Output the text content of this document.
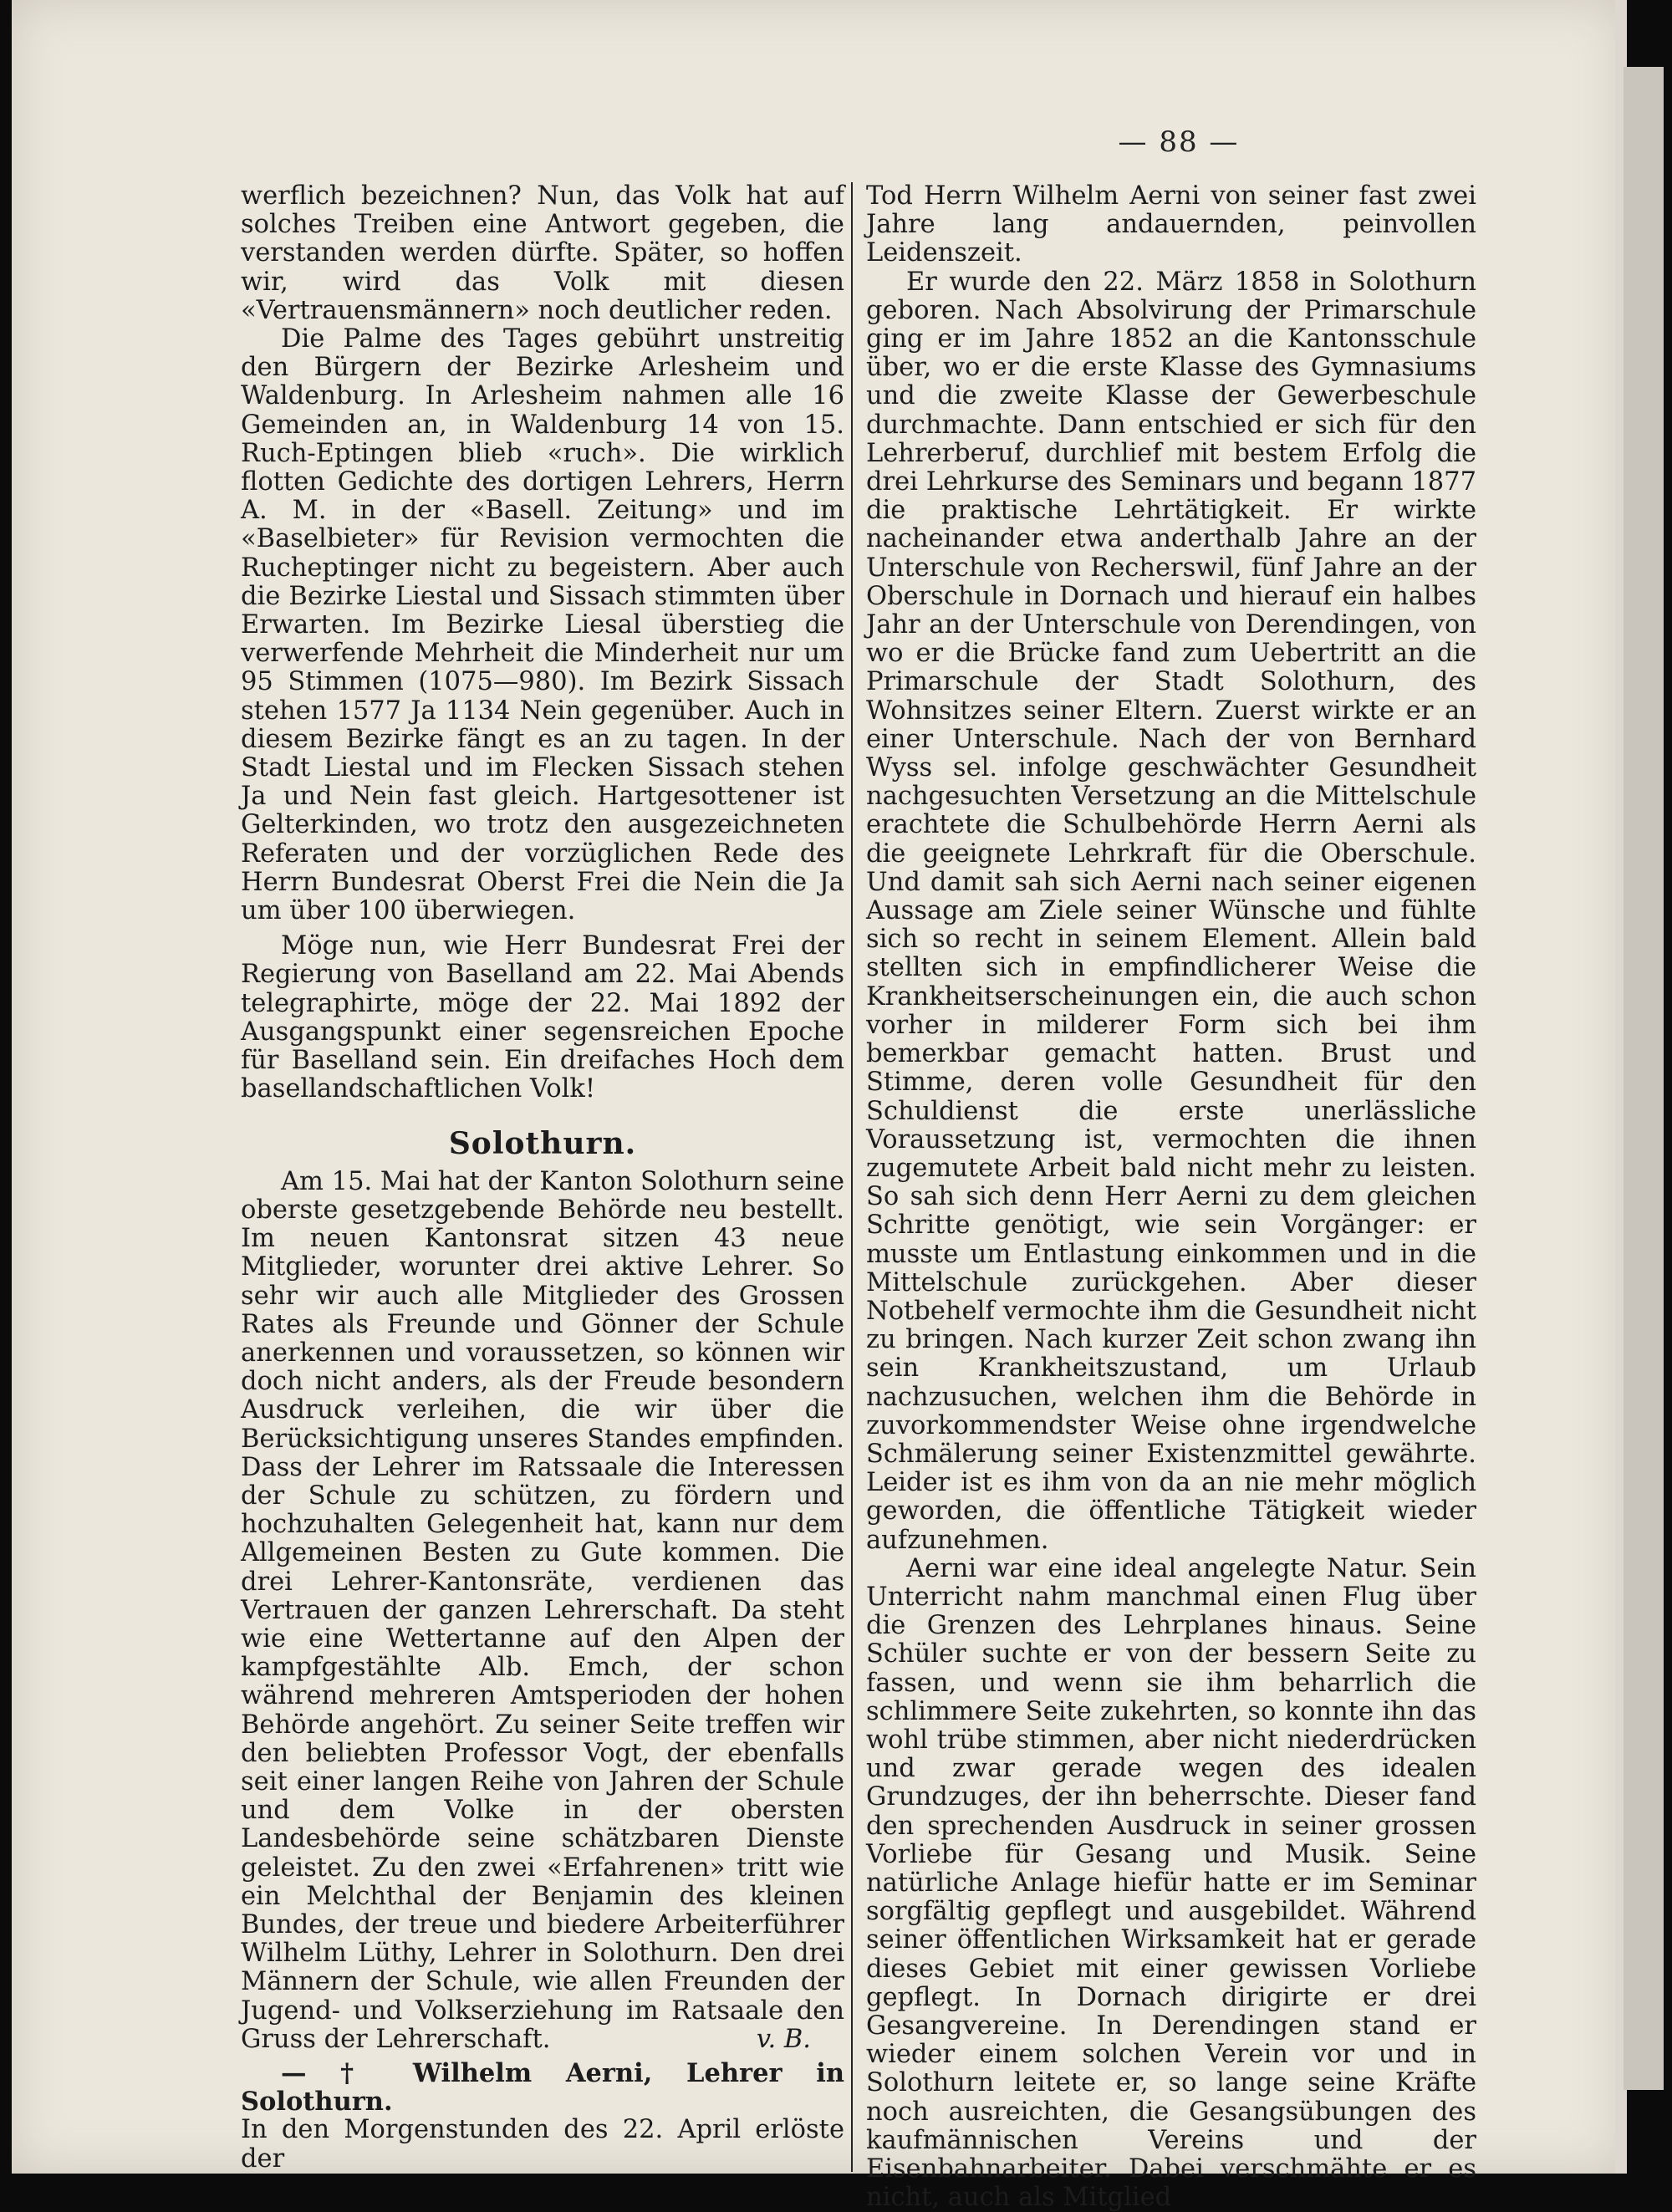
— 88 —

werflich bezeichnen? Nun, das Volk hat auf solches Treiben eine Antwort gegeben, die verstanden werden dürfte. Später, so hoffen wir, wird das Volk mit diesen «Vertrauensmännern» noch deutlicher reden.

Die Palme des Tages gebührt unstreitig den Bürgern der Bezirke Arlesheim und Waldenburg. In Arlesheim nahmen alle 16 Gemeinden an, in Waldenburg 14 von 15. Ruch-Eptingen blieb «ruch». Die wirklich flotten Gedichte des dortigen Lehrers, Herrn A. M. in der «Basell. Zeitung» und im «Baselbieter» für Revision vermochten die Rucheptinger nicht zu begeistern. Aber auch die Bezirke Liestal und Sissach stimmten über Erwarten. Im Bezirke Liesal überstieg die verwerfende Mehrheit die Minderheit nur um 95 Stimmen (1075—980). Im Bezirk Sissach stehen 1577 Ja 1134 Nein gegenüber. Auch in diesem Bezirke fängt es an zu tagen. In der Stadt Liestal und im Flecken Sissach stehen Ja und Nein fast gleich. Hartgesottener ist Gelterkinden, wo trotz den ausgezeichneten Referaten und der vorzüglichen Rede des Herrn Bundesrat Oberst Frei die Nein die Ja um über 100 überwiegen.

Möge nun, wie Herr Bundesrat Frei der Regierung von Baselland am 22. Mai Abends telegraphirte, möge der 22. Mai 1892 der Ausgangspunkt einer segensreichen Epoche für Baselland sein. Ein dreifaches Hoch dem basellandschaftlichen Volk!

Solothurn.

Am 15. Mai hat der Kanton Solothurn seine oberste gesetzgebende Behörde neu bestellt. Im neuen Kantonsrat sitzen 43 neue Mitglieder, worunter drei aktive Lehrer. So sehr wir auch alle Mitglieder des Grossen Rates als Freunde und Gönner der Schule anerkennen und voraussetzen, so können wir doch nicht anders, als der Freude besondern Ausdruck verleihen, die wir über die Berücksichtigung unseres Standes empfinden. Dass der Lehrer im Ratssaale die Interessen der Schule zu schützen, zu fördern und hochzuhalten Gelegenheit hat, kann nur dem Allgemeinen Besten zu Gute kommen. Die drei Lehrer-Kantonsräte, verdienen das Vertrauen der ganzen Lehrerschaft. Da steht wie eine Wettertanne auf den Alpen der kampfgestählte Alb. Emch, der schon während mehreren Amtsperioden der hohen Behörde angehört. Zu seiner Seite treffen wir den beliebten Professor Vogt, der ebenfalls seit einer langen Reihe von Jahren der Schule und dem Volke in der obersten Landesbehörde seine schätzbaren Dienste geleistet. Zu den zwei «Erfahrenen» tritt wie ein Melchthal der Benjamin des kleinen Bundes, der treue und biedere Arbeiterführer Wilhelm Lüthy, Lehrer in Solothurn. Den drei Männern der Schule, wie allen Freunden der Jugend- und Volkserziehung im Ratsaale den Gruss der Lehrerschaft.	v. B.

— † Wilhelm Aerni, Lehrer in Solothurn.

In den Morgenstunden des 22. April erlöste der

Tod Herrn Wilhelm Aerni von seiner fast zwei Jahre lang andauernden, peinvollen Leidenszeit.

Er wurde den 22. März 1858 in Solothurn geboren. Nach Absolvirung der Primarschule ging er im Jahre 1852 an die Kantonsschule über, wo er die erste Klasse des Gymnasiums und die zweite Klasse der Gewerbeschule durchmachte. Dann entschied er sich für den Lehrerberuf, durchlief mit bestem Erfolg die drei Lehrkurse des Seminars und begann 1877 die praktische Lehrtätigkeit. Er wirkte nacheinander etwa anderthalb Jahre an der Unterschule von Recherswil, fünf Jahre an der Oberschule in Dornach und hierauf ein halbes Jahr an der Unterschule von Derendingen, von wo er die Brücke fand zum Uebertritt an die Primarschule der Stadt Solothurn, des Wohnsitzes seiner Eltern. Zuerst wirkte er an einer Unterschule. Nach der von Bernhard Wyss sel. infolge geschwächter Gesundheit nachgesuchten Versetzung an die Mittelschule erachtete die Schulbehörde Herrn Aerni als die geeignete Lehrkraft für die Oberschule. Und damit sah sich Aerni nach seiner eigenen Aussage am Ziele seiner Wünsche und fühlte sich so recht in seinem Element. Allein bald stellten sich in empfindlicherer Weise die Krankheitserscheinungen ein, die auch schon vorher in milderer Form sich bei ihm bemerkbar gemacht hatten. Brust und Stimme, deren volle Gesundheit für den Schuldienst die erste unerlässliche Voraussetzung ist, vermochten die ihnen zugemutete Arbeit bald nicht mehr zu leisten. So sah sich denn Herr Aerni zu dem gleichen Schritte genötigt, wie sein Vorgänger: er musste um Entlastung einkommen und in die Mittelschule zurückgehen. Aber dieser Notbehelf vermochte ihm die Gesundheit nicht zu bringen. Nach kurzer Zeit schon zwang ihn sein Krankheitszustand, um Urlaub nachzusuchen, welchen ihm die Behörde in zuvorkommendster Weise ohne irgendwelche Schmälerung seiner Existenzmittel gewährte. Leider ist es ihm von da an nie mehr möglich geworden, die öffentliche Tätigkeit wieder aufzunehmen.

Aerni war eine ideal angelegte Natur. Sein Unterricht nahm manchmal einen Flug über die Grenzen des Lehrplanes hinaus. Seine Schüler suchte er von der bessern Seite zu fassen, und wenn sie ihm beharrlich die schlimmere Seite zukehrten, so konnte ihn das wohl trübe stimmen, aber nicht niederdrücken und zwar gerade wegen des idealen Grundzuges, der ihn beherrschte. Dieser fand den sprechenden Ausdruck in seiner grossen Vorliebe für Gesang und Musik. Seine natürliche Anlage hiefür hatte er im Seminar sorgfältig gepflegt und ausgebildet. Während seiner öffentlichen Wirksamkeit hat er gerade dieses Gebiet mit einer gewissen Vorliebe gepflegt. In Dornach dirigirte er drei Gesangvereine. In Derendingen stand er wieder einem solchen Verein vor und in Solothurn leitete er, so lange seine Kräfte noch ausreichten, die Gesangsübungen des kaufmännischen Vereins und der Eisenbahnarbeiter. Dabei verschmähte er es nicht, auch als Mitglied
